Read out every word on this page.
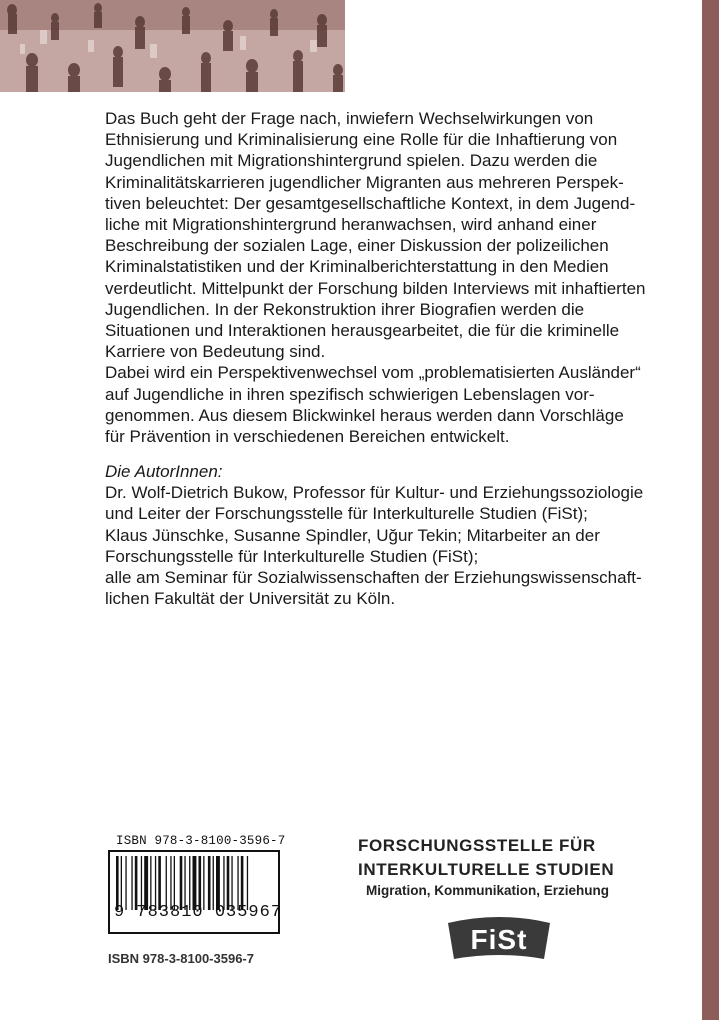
Das Buch geht der Frage nach, inwiefern Wechselwirkungen von
Ethnisierung und Kriminalisierung eine Rolle für die Inhaftierung von
Jugendlichen mit Migrationshintergrund spielen. Dazu werden die
Kriminalitätskarrieren jugendlicher Migranten aus mehreren Perspek-
tiven beleuchtet: Der gesamtgesellschaftliche Kontext, in dem Jugend-
liche mit Migrationshintergrund heranwachsen, wird anhand einer
Beschreibung der sozialen Lage, einer Diskussion der polizeilichen
Kriminalstatistiken und der Kriminalberichterstattung in den Medien
verdeutlicht. Mittelpunkt der Forschung bilden Interviews mit inhaftierten
Jugendlichen. In der Rekonstruktion ihrer Biografien werden die
Situationen und Interaktionen herausgearbeitet, die für die kriminelle
Karriere von Bedeutung sind.
Dabei wird ein Perspektivenwechsel vom „problematisierten Ausländer“
auf Jugendliche in ihren spezifisch schwierigen Lebenslagen vor-
genommen. Aus diesem Blickwinkel heraus werden dann Vorschläge
für Prävention in verschiedenen Bereichen entwickelt.
Die AutorInnen:
Dr. Wolf-Dietrich Bukow, Professor für Kultur- und Erziehungssoziologie
und Leiter der Forschungsstelle für Interkulturelle Studien (FiSt);
Klaus Jünschke, Susanne Spindler, Uğur Tekin; Mitarbeiter an der
Forschungsstelle für Interkulturelle Studien (FiSt);
alle am Seminar für Sozialwissenschaften der Erziehungswissenschaft-
lichen Fakultät der Universität zu Köln.
ISBN 978-3-8100-3596-7
9 783810 035967
ISBN 978-3-8100-3596-7
FORSCHUNGSSTELLE FÜR
INTERKULTURELLE STUDIEN
Migration, Kommunikation, Erziehung
FiSt
